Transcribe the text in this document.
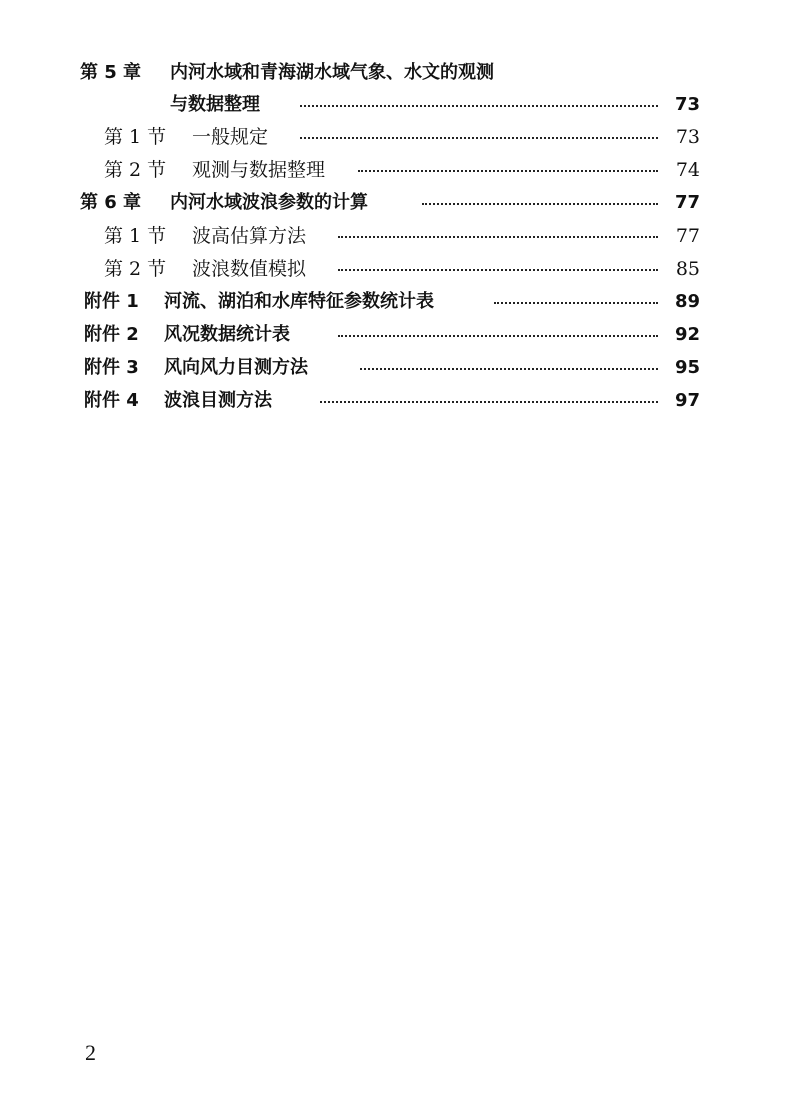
第 5 章 内河水域和青海湖水域气象、水文的观测
与数据整理	73
第 1 节 一般规定	73
第 2 节 观测与数据整理	74
第 6 章 内河水域波浪参数的计算	77
第 1 节 波高估算方法	77
第 2 节 波浪数值模拟	85
附件 1 河流、湖泊和水库特征参数统计表	89
附件 2 风况数据统计表	92
附件 3 风向风力目测方法	95
附件 4 波浪目测方法	97
2
